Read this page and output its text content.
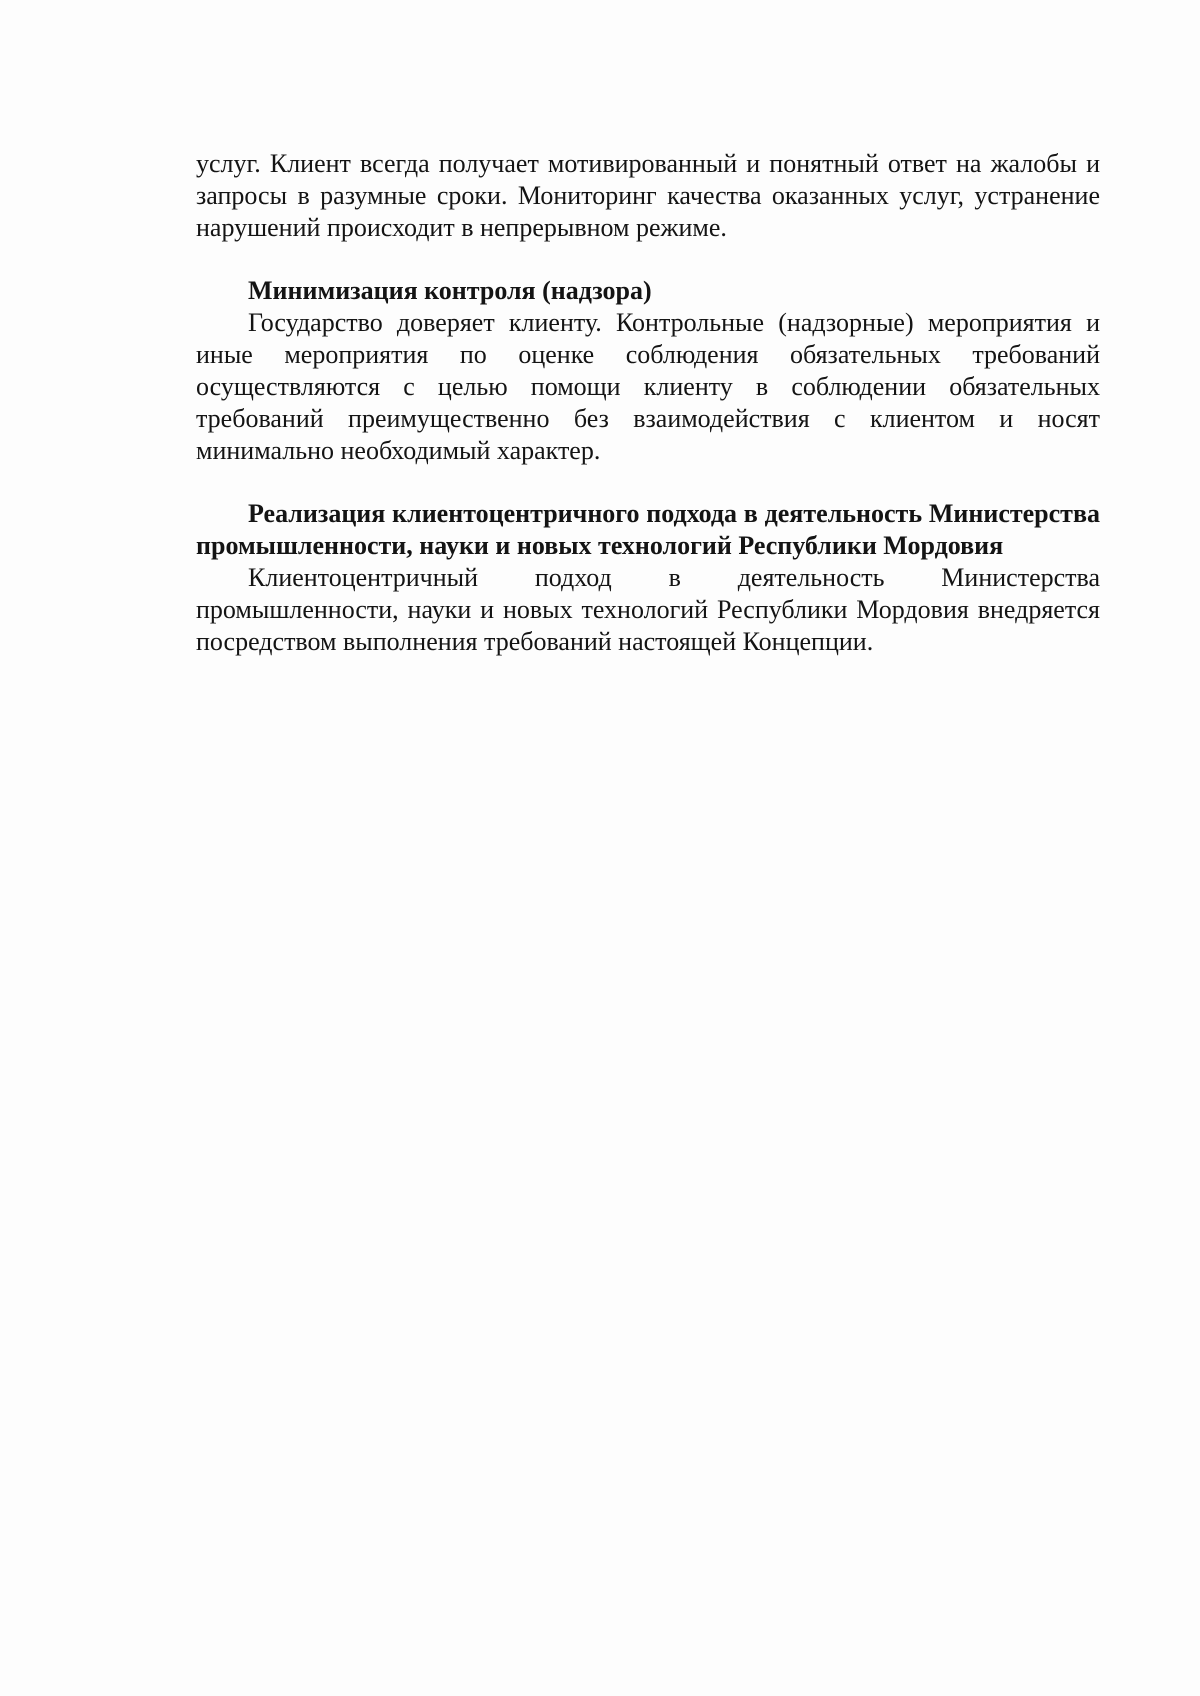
услуг. Клиент всегда получает мотивированный и понятный ответ на жалобы и запросы в разумные сроки. Мониторинг качества оказанных услуг, устранение нарушений происходит в непрерывном режиме.

Минимизация контроля (надзора)

Государство доверяет клиенту. Контрольные (надзорные) мероприятия и иные мероприятия по оценке соблюдения обязательных требований осуществляются с целью помощи клиенту в соблюдении обязательных требований преимущественно без взаимодействия с клиентом и носят минимально необходимый характер.

Реализация клиентоцентричного подхода в деятельность Министерства промышленности, науки и новых технологий Республики Мордовия

Клиентоцентричный подход в деятельность Министерства промышленности, науки и новых технологий Республики Мордовия внедряется посредством выполнения требований настоящей Концепции.
